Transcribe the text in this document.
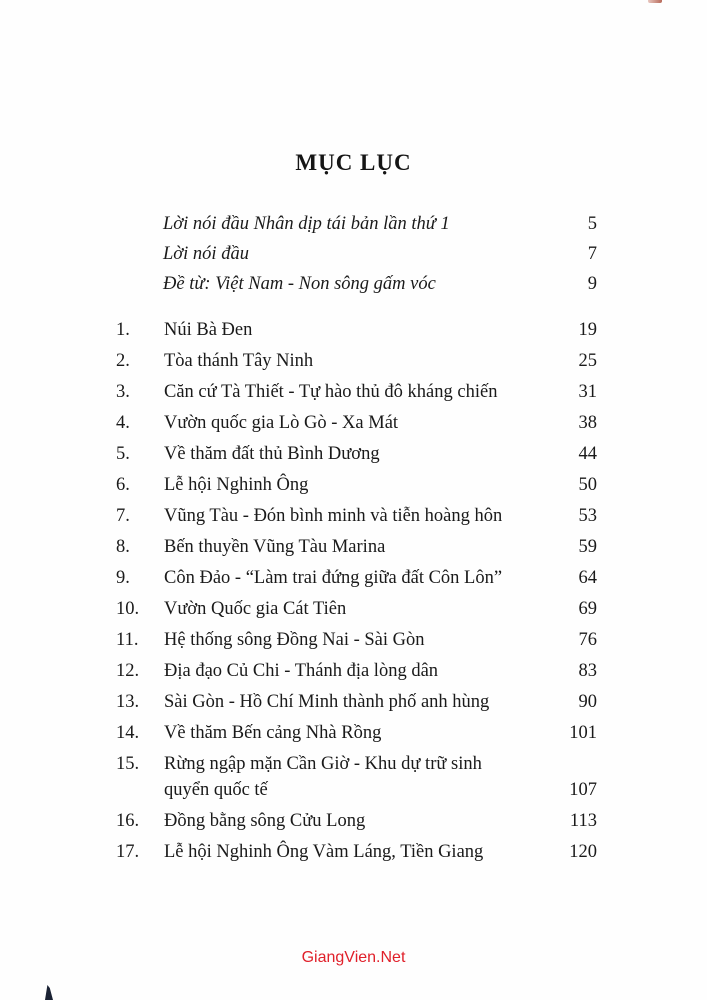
MỤC LỤC
Lời nói đầu Nhân dịp tái bản lần thứ 1	5
Lời nói đầu	7
Đề từ: Việt Nam - Non sông gấm vóc	9
1.	Núi Bà Đen	19
2.	Tòa thánh Tây Ninh	25
3.	Căn cứ Tà Thiết - Tự hào thủ đô kháng chiến	31
4.	Vườn quốc gia Lò Gò - Xa Mát	38
5.	Về thăm đất thủ Bình Dương	44
6.	Lễ hội Nghinh Ông	50
7.	Vũng Tàu - Đón bình minh và tiễn hoàng hôn	53
8.	Bến thuyền Vũng Tàu Marina	59
9.	Côn Đảo - “Làm trai đứng giữa đất Côn Lôn”	64
10.	Vườn Quốc gia Cát Tiên	69
11.	Hệ thống sông Đồng Nai - Sài Gòn	76
12.	Địa đạo Củ Chi - Thánh địa lòng dân	83
13.	Sài Gòn - Hồ Chí Minh thành phố anh hùng	90
14.	Về thăm Bến cảng Nhà Rồng	101
15.	Rừng ngập mặn Cần Giờ - Khu dự trữ sinh quyển quốc tế	107
16.	Đồng bằng sông Cửu Long	113
17.	Lễ hội Nghinh Ông Vàm Láng, Tiền Giang	120
GiangVien.Net
